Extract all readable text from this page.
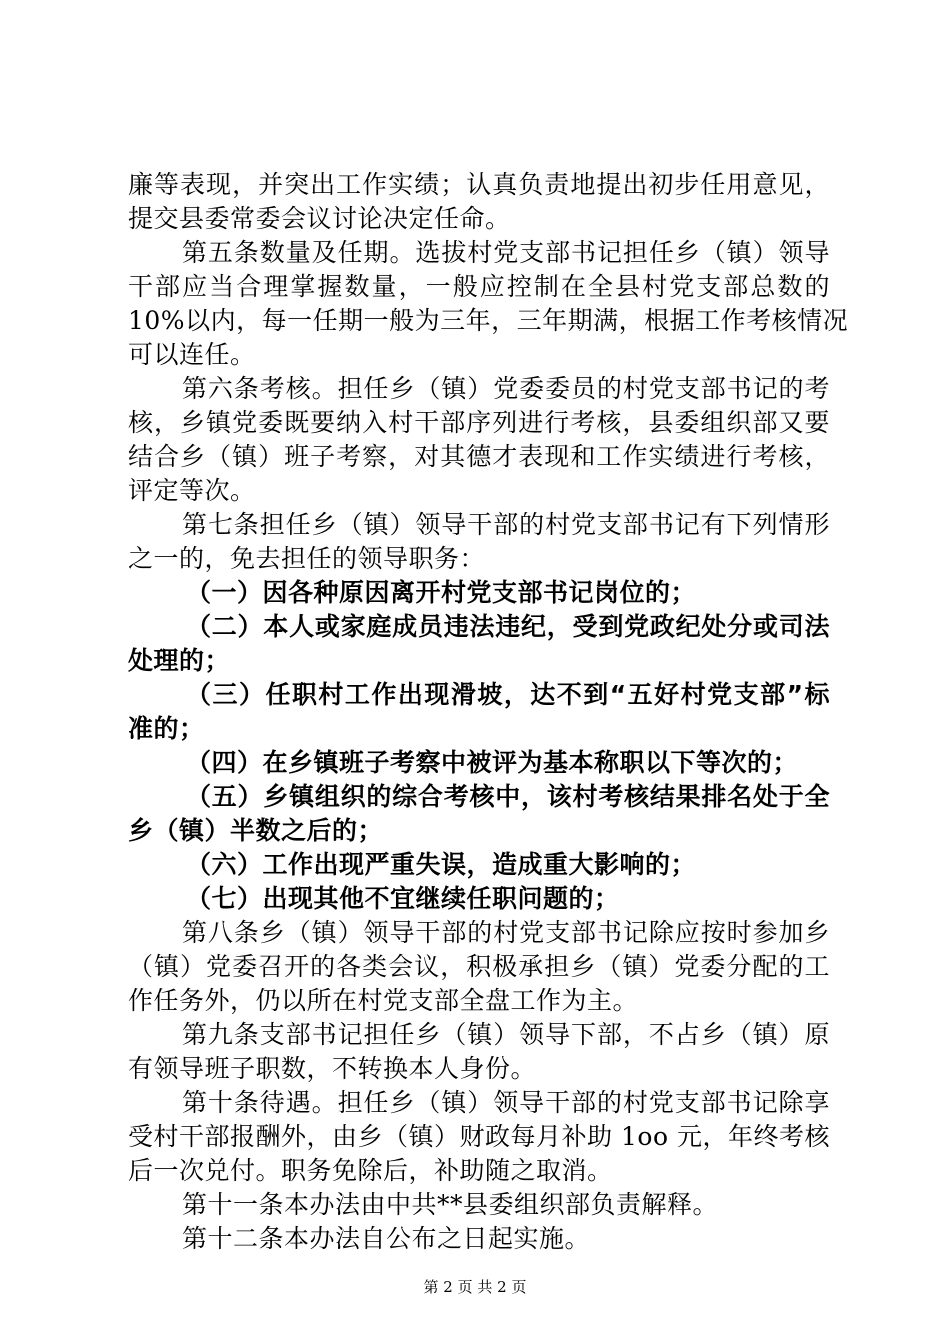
廉等表现，并突出工作实绩；认真负责地提出初步任用意见，
提交县委常委会议讨论决定任命。
第五条数量及任期。选拔村党支部书记担任乡（镇）领导
干部应当合理掌握数量，一般应控制在全县村党支部总数的
10%以内，每一任期一般为三年，三年期满，根据工作考核情况
可以连任。
第六条考核。担任乡（镇）党委委员的村党支部书记的考
核，乡镇党委既要纳入村干部序列进行考核，县委组织部又要
结合乡（镇）班子考察，对其德才表现和工作实绩进行考核，
评定等次。
第七条担任乡（镇）领导干部的村党支部书记有下列情形
之一的，免去担任的领导职务：
（一）因各种原因离开村党支部书记岗位的；
（二）本人或家庭成员违法违纪，受到党政纪处分或司法
处理的；
（三）任职村工作出现滑坡，达不到“五好村党支部”标
准的；
（四）在乡镇班子考察中被评为基本称职以下等次的；
（五）乡镇组织的综合考核中，该村考核结果排名处于全
乡（镇）半数之后的；
（六）工作出现严重失误，造成重大影响的；
（七）出现其他不宜继续任职问题的；
第八条乡（镇）领导干部的村党支部书记除应按时参加乡
（镇）党委召开的各类会议，积极承担乡（镇）党委分配的工
作任务外，仍以所在村党支部全盘工作为主。
第九条支部书记担任乡（镇）领导下部，不占乡（镇）原
有领导班子职数，不转换本人身份。
第十条待遇。担任乡（镇）领导干部的村党支部书记除享
受村干部报酬外，由乡（镇）财政每月补助 1oo 元，年终考核
后一次兑付。职务免除后，补助随之取消。
第十一条本办法由中共**县委组织部负责解释。
第十二条本办法自公布之日起实施。
第 2 页 共 2 页
